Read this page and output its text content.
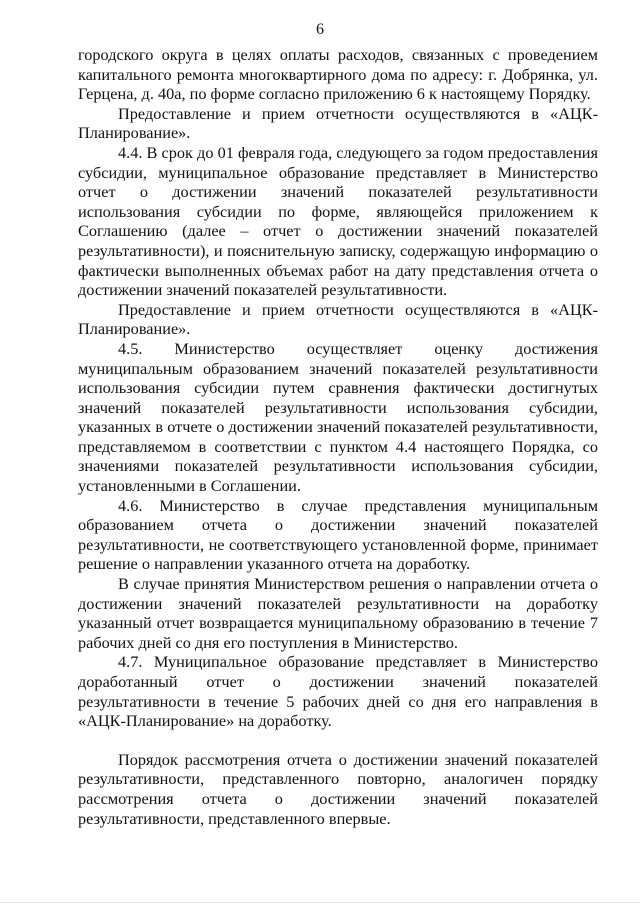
6

городского округа в целях оплаты расходов, связанных с проведением капитального ремонта многоквартирного дома по адресу: г. Добрянка, ул. Герцена, д. 40а, по форме согласно приложению 6 к настоящему Порядку.

Предоставление и прием отчетности осуществляются в «АЦК-Планирование».

4.4. В срок до 01 февраля года, следующего за годом предоставления субсидии, муниципальное образование представляет в Министерство отчет о достижении значений показателей результативности использования субсидии по форме, являющейся приложением к Соглашению (далее – отчет о достижении значений показателей результативности), и пояснительную записку, содержащую информацию о фактически выполненных объемах работ на дату представления отчета о достижении значений показателей результативности.

Предоставление и прием отчетности осуществляются в «АЦК-Планирование».

4.5. Министерство осуществляет оценку достижения муниципальным образованием значений показателей результативности использования субсидии путем сравнения фактически достигнутых значений показателей результативности использования субсидии, указанных в отчете о достижении значений показателей результативности, представляемом в соответствии с пунктом 4.4 настоящего Порядка, со значениями показателей результативности использования субсидии, установленными в Соглашении.

4.6. Министерство в случае представления муниципальным образованием отчета о достижении значений показателей результативности, не соответствующего установленной форме, принимает решение о направлении указанного отчета на доработку.

В случае принятия Министерством решения о направлении отчета о достижении значений показателей результативности на доработку указанный отчет возвращается муниципальному образованию в течение 7 рабочих дней со дня его поступления в Министерство.

4.7. Муниципальное образование представляет в Министерство доработанный отчет о достижении значений показателей результативности в течение 5 рабочих дней со дня его направления в «АЦК-Планирование» на доработку.

Порядок рассмотрения отчета о достижении значений показателей результативности, представленного повторно, аналогичен порядку рассмотрения отчета о достижении значений показателей результативности, представленного впервые.
